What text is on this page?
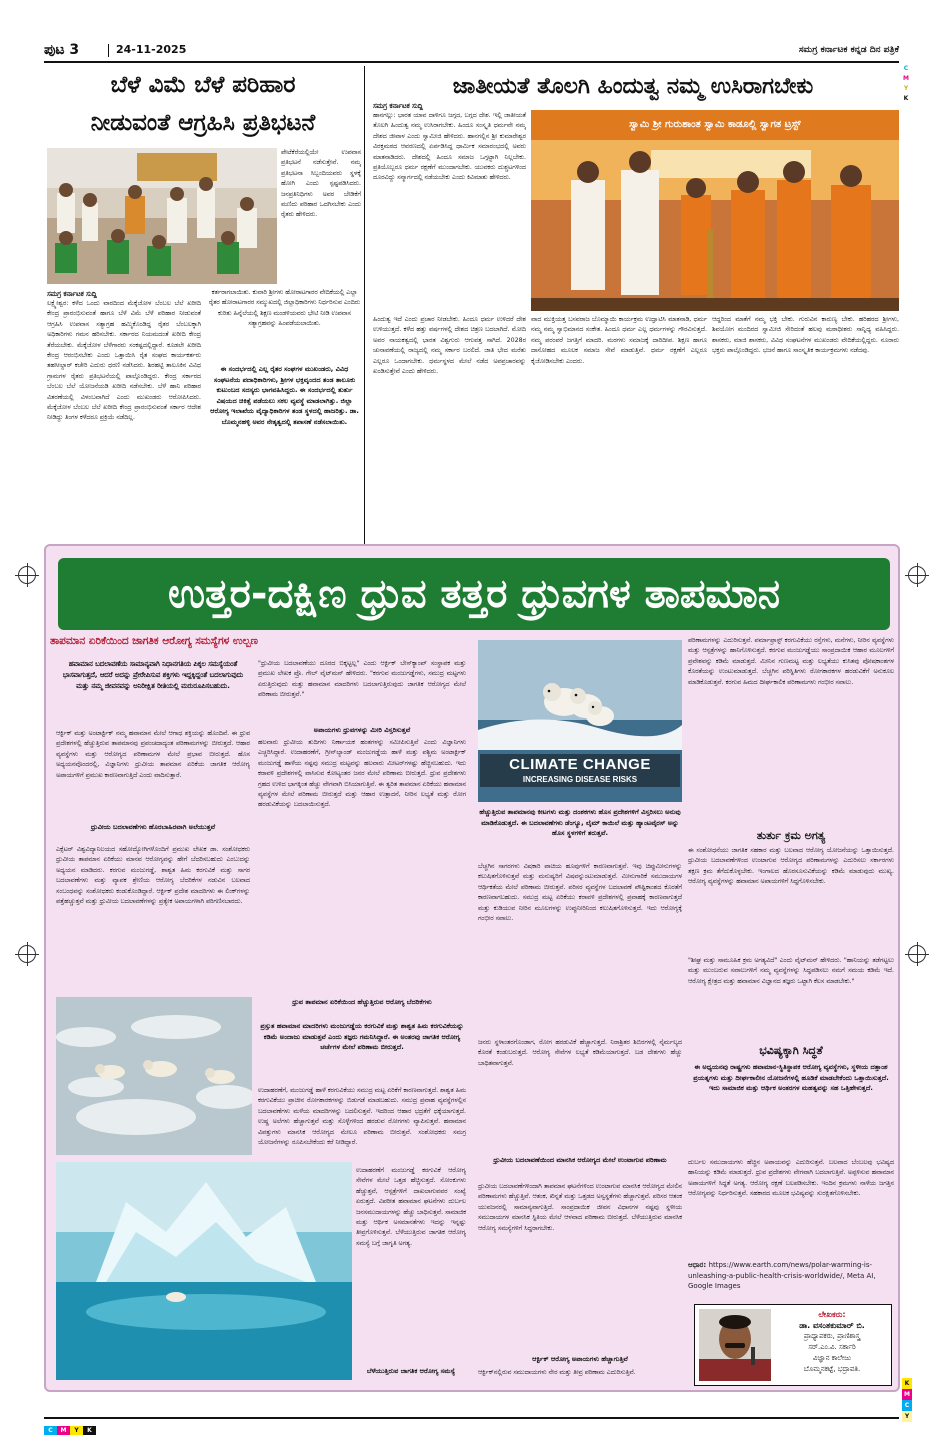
ಪುಟ 3	24-11-2025	ಸಮಗ್ರ ಕರ್ನಾಟಕ ಕನ್ನಡ ದಿನ ಪತ್ರಿಕೆ
C
M
Y
K
ಬೆಳೆ ವಿಮೆ ಬೆಳೆ ಪರಿಹಾರ
ನೀಡುವಂತೆ ಆಗ್ರಹಿಸಿ ಪ್ರತಿಭಟನೆ
ಪೇಟೆಕೆರೆಯಲ್ಲಿಯೇ ಉಪವಾಸ ಪ್ರತಿಭಟನೆ ನಡೆಸುತ್ತೇವೆ. ನಮ್ಮ ಪ್ರತಿಭಟನಾ ಸಿಬ್ಬಂದಿಯವರು ಸ್ಥಳಕ್ಕೆ ಹೋಗಿ ಎಂದು ಸ್ಪಷ್ಟಪಡಿಸಿದರು. ಜನಪ್ರತಿನಿಧಿಗಳು ಅವರ ಬೇಡಿಕೆಗೆ ಮಣಿದು ಪರಿಹಾರ ಒದಗಿಸಬೇಕು ಎಂದು ರೈತರು ಹೇಳಿದರು.
ಸಮಗ್ರ ಕರ್ನಾಟಕ ಸುದ್ದಿ
ಲಕ್ಷ್ಮೇಶ್ವರ: ಕಳೆದ ಒಂದು ವಾರದಿಂದ ಮೆಕ್ಕೆಜೋಳ ಬೆಂಬಲ ಬೆಲೆ ಖರೀದಿ ಕೇಂದ್ರ ಪ್ರಾರಂಭಿಸುವಂತೆ ಹಾಗೂ ಬೆಳೆ ವಿಮೆ ಬೆಳೆ ಪರಿಹಾರ ನೀಡುವಂತೆ ಆಗ್ರಹಿಸಿ ಉಪವಾಸ ಸತ್ಯಾಗ್ರಹ ಹಮ್ಮಿಕೊಂಡಿದ್ದ ರೈತರ ಬೆಂಬಲಕ್ಕಾಗಿ ಅಧಿಕಾರಿಗಳು ಗಮನ ಹರಿಸಬೇಕು. ಸರ್ಕಾರದ ನಿಯಮದಂತೆ ಖರೀದಿ ಕೇಂದ್ರ ತೆರೆಯಬೇಕು. ಮೆಕ್ಕೆಜೋಳ ಬೆಳೆಗಾರರು ಸಂಕಷ್ಟದಲ್ಲಿದ್ದಾರೆ. ಕೂಡಲೇ ಖರೀದಿ ಕೇಂದ್ರ ಆರಂಭಿಸಬೇಕು ಎಂದು ಒತ್ತಾಯಿಸಿ ರೈತ ಸಂಘದ ಕಾರ್ಯಕರ್ತರು ತಹಸೀಲ್ದಾರ್ ಕಚೇರಿ ಎದುರು ಧರಣಿ ನಡೆಸಿದರು. ಶಿರಹಟ್ಟಿ ತಾಲೂಕಿನ ವಿವಿಧ ಗ್ರಾಮಗಳ ರೈತರು ಪ್ರತಿಭಟನೆಯಲ್ಲಿ ಪಾಲ್ಗೊಂಡಿದ್ದರು. ಕೇಂದ್ರ ಸರ್ಕಾರದ ಬೆಂಬಲ ಬೆಲೆ ಯೋಜನೆಯಡಿ ಖರೀದಿ ನಡೆಸಬೇಕು. ಬೆಳೆ ಹಾನಿ ಪರಿಹಾರ ವಿತರಣೆಯಲ್ಲಿ ವಿಳಂಬವಾಗಿದೆ ಎಂದು ಮುಖಂಡರು ಆರೋಪಿಸಿದರು. ಮೆಕ್ಕೆಜೋಳ ಬೆಂಬಲ ಬೆಲೆ ಖರೀದಿ ಕೇಂದ್ರ ಪ್ರಾರಂಭಿಸುವಂತೆ ಸರ್ಕಾರ ಆದೇಶ ನೀಡಿದ್ದು ತಿಂಗಳ ಕಳೆದರೂ ಪ್ರಕ್ರಿಯೆ ನಡೆದಿಲ್ಲ.
ಕರ್ತರಾಗಲಾಯಿತು. ಕುವಾರಿ ಶ್ರೀಗಳು ಹೋರಾಟಗಾರರ ವೇದಿಕೆಯಲ್ಲಿ ಎಲ್ಲಾ ರೈತರ ಹೋರಾಟಗಾರರ ಸಮ್ಮುಖದಲ್ಲಿ ಜಿಲ್ಲಾಧಿಕಾರಿಗಳು ನಿರ್ಧರಿಸುವ ಎಂದಿರು ಕುರಿತು ಹಿನ್ನೆಲೆಯಲ್ಲಿ ಶಿಕ್ಷಣ ಮಂಡಳಿಯವರು ಭೇಟಿ ನೀಡಿ ಉಪವಾಸ ಸತ್ಯಾಗ್ರಹವನ್ನು ಹಿಂಪಡೆಯಲಾಯಿತು.
ಈ ಸಂದರ್ಭದಲ್ಲಿ ಎಲ್ಲ ರೈತರ ಸಂಘಗಳ ಮುಖಂಡರು, ವಿವಿಧ ಸಂಘಟನೆಯ ಪದಾಧಿಕಾರಿಗಳು, ಶ್ರೀಗಳ ಭಕ್ತವೃಂದದ ತಂಡ ತಾಲೂಕು ಕುಟುಂಬದ ಸದಸ್ಯರು ಭಾಗವಹಿಸಿದ್ದರು. ಈ ಸಂದರ್ಭದಲ್ಲಿ ತುರ್ತು ವಿಷಯದ ಚಿಕಿತ್ಸೆ ಪಡೆಯಲು ಸಕಲ ವ್ಯವಸ್ಥೆ ಮಾಡಲಾಗಿತ್ತು. ಜಿಲ್ಲಾ ಆರೋಗ್ಯ ಇಲಾಖೆಯ ವೈದ್ಯಾಧಿಕಾರಿಗಳ ತಂಡ ಸ್ಥಳದಲ್ಲಿ ಹಾಜರಿತ್ತು. ಡಾ. ಬೊಮ್ಮನಹಳ್ಳಿ ಅವರ ನೇತೃತ್ವದಲ್ಲಿ ತಪಾಸಣೆ ನಡೆಸಲಾಯಿತು.
ಜಾತೀಯತೆ ತೊಲಗಿ ಹಿಂದುತ್ವ ನಮ್ಮ ಉಸಿರಾಗಬೇಕು
ಸಮಗ್ರ ಕರ್ನಾಟಕ ಸುದ್ದಿ
ಹಾನಗಲ್ಲು: ಭಾರತ ಯಾವ ದಾಳಿಗೂ ಜಗ್ಗದ, ಬಗ್ಗದ ದೇಶ. ಇಲ್ಲಿ ಜಾತೀಯತೆ ತೊಲಗಿ ಹಿಂದುತ್ವ ನಮ್ಮ ಉಸಿರಾಗಬೇಕು. ಹಿಂದೂ ಸಂಸ್ಕೃತಿ ಧರ್ಮವೇ ನಮ್ಮ ದೇಶದ ಜೀವಾಳ ಎಂದು ಸ್ವಾಮೀಜಿ ಹೇಳಿದರು. ಹಾನಗಲ್ಲಿನ ಶ್ರೀ ಕುಮಾರೇಶ್ವರ ವಿರಕ್ತಮಠದ ಆವರಣದಲ್ಲಿ ಏರ್ಪಡಿಸಿದ್ದ ಧಾರ್ಮಿಕ ಸಮಾರಂಭದಲ್ಲಿ ಅವರು ಮಾತನಾಡಿದರು. ದೇಶದಲ್ಲಿ ಹಿಂದೂ ಸಮಾಜ ಒಗ್ಗಟ್ಟಾಗಿ ನಿಲ್ಲಬೇಕು. ಪ್ರತಿಯೊಬ್ಬರೂ ಧರ್ಮ ರಕ್ಷಣೆಗೆ ಮುಂದಾಗಬೇಕು. ಯುವಕರು ದುಶ್ಚಟಗಳಿಂದ ದೂರವಿದ್ದು ಸನ್ಮಾರ್ಗದಲ್ಲಿ ನಡೆಯಬೇಕು ಎಂದು ಕಿವಿಮಾತು ಹೇಳಿದರು.
ಸ್ವಾಮಿ ಶ್ರೀ ಗುರುಶಾಂತ ಸ್ವಾಮಿ ಕಾಡೂಲ್ಲಿ ಸ್ವಾಗತ ಟ್ರಸ್ಟ್
ಹಿಂದುತ್ವ ಇದೆ ಎಂದು ಪ್ರಚಾರ ನೀಡಬೇಕು. ಹಿಂದೂ ಧರ್ಮ ಉಳಿದರೆ ದೇಶ ಉಳಿಯುತ್ತದೆ. ಕಳೆದ ಹತ್ತು ವರ್ಷಗಳಲ್ಲಿ ದೇಶದ ಚಿತ್ರಣ ಬದಲಾಗಿದೆ. ಮೋದಿ ಅವರ ನಾಯಕತ್ವದಲ್ಲಿ ಭಾರತ ವಿಶ್ವಗುರು ಆಗುವತ್ತ ಸಾಗಿದೆ. 2028ರ ಚುನಾವಣೆಯಲ್ಲಿ ರಾಜ್ಯದಲ್ಲಿ ನಮ್ಮ ಸರ್ಕಾರ ಬರಲಿದೆ. ಜಾತಿ ಭೇದ ಮರೆತು ಎಲ್ಲರೂ ಒಂದಾಗಬೇಕು. ಧರ್ಮಸ್ಥಳದ ಮೇಲೆ ನಡೆದ ಅಪಪ್ರಚಾರವನ್ನು ಖಂಡಿಸುತ್ತೇವೆ ಎಂದು ಹೇಳಿದರು.
ವಾದ ಮುಕ್ತಿಯತ್ತ ಬಸವರಾಜ ಬೊಮ್ಮಾಯಿ ಕಾರ್ಯಕ್ರಮ ಉದ್ಘಾಟಿಸಿ ಮಾತನಾಡಿ, ಧರ್ಮ ನಮ್ಮ ನಮ್ಮ ಸ್ವಾಭಿಮಾನದ ಸಂಕೇತ. ಹಿಂದೂ ಧರ್ಮ ಎಲ್ಲ ಧರ್ಮಗಳನ್ನು ಗೌರವಿಸುತ್ತದೆ. ನಮ್ಮ ಪರಂಪರೆ ಜಗತ್ತಿಗೆ ಮಾದರಿ. ಮಠಗಳು ಸಮಾಜಕ್ಕೆ ದಾರಿದೀಪ. ಶಿಕ್ಷಣ ಹಾಗೂ ದಾಸೋಹದ ಮೂಲಕ ಸಮಾಜ ಸೇವೆ ಮಾಡುತ್ತಿವೆ. ಧರ್ಮ ರಕ್ಷಣೆಗೆ ಎಲ್ಲರೂ ಕೈಜೋಡಿಸಬೇಕು ಎಂದರು.
ಆದ್ದರಿಂದ ಮಾತೆಗೆ ನಮ್ಮ ಭಕ್ತಿ ಬೇಕು. ಗುರುವಿನ ಕಾರುಣ್ಯ ಬೇಕು. ಹರಿಹರದ ಶ್ರೀಗಳು, ಶಿವಯೋಗ ಮಂದಿರದ ಸ್ವಾಮೀಜಿ ಸೇರಿದಂತೆ ಹಲವು ಮಠಾಧೀಶರು ಸಾನ್ನಿಧ್ಯ ವಹಿಸಿದ್ದರು. ಶಾಸಕರು, ಮಾಜಿ ಶಾಸಕರು, ವಿವಿಧ ಸಂಘಟನೆಗಳ ಮುಖಂಡರು ವೇದಿಕೆಯಲ್ಲಿದ್ದರು. ನೂರಾರು ಭಕ್ತರು ಪಾಲ್ಗೊಂಡಿದ್ದರು. ಭಜನೆ ಹಾಗೂ ಸಾಂಸ್ಕೃತಿಕ ಕಾರ್ಯಕ್ರಮಗಳು ನಡೆದವು.
ಉತ್ತರ-ದಕ್ಷಿಣ ಧ್ರುವ ತತ್ತರ ಧ್ರುವಗಳ ತಾಪಮಾನ
ತಾಪಮಾನ ಏರಿಕೆಯಿಂದ ಜಾಗತಿಕ ಆರೋಗ್ಯ ಸಮಸ್ಯೆಗಳ ಉಲ್ಬಣ
ಹವಾಮಾನ ಬದಲಾವಣೆಯ ಸಾಮಾನ್ಯವಾಗಿ ನಿಧಾನಗತಿಯ ಪಿಕ್ಕಲ ಸಮಸ್ಯೆಯಂತೆ ಭಾಸವಾಗುತ್ತದೆ, ಆದರೆ ಅದನ್ನು ಪ್ರೇರೇಪಿಸುವ ಶಕ್ತಿಗಳು ಇದ್ದಕ್ಕಿದ್ದಂತೆ ಬದಲಾಗುವುದು ಮತ್ತು ನಮ್ಮ ಜೀವನವನ್ನು ಅನಿರೀಕ್ಷಿತ ರೀತಿಯಲ್ಲಿ ಮರುರೂಪಿಸಬಹುದು.
ಆರ್ಕ್ಟಿಕ್ ಮತ್ತು ಅಂಟಾರ್ಕ್ಟಿಕ್ ನಮ್ಮ ಹವಾಮಾನ ಮೇಲೆ ಆಗಾಧ ಶಕ್ತಿಯನ್ನು ಹೊಂದಿವೆ. ಈ ಧ್ರುವ ಪ್ರದೇಶಗಳಲ್ಲಿ ಹೆಚ್ಚುತ್ತಿರುವ ತಾಪಮಾನವು ಪ್ರಪಂಚದಾದ್ಯಂತ ಪರಿಣಾಮಗಳನ್ನು ಬೀರುತ್ತದೆ. ಆಹಾರ ವ್ಯವಸ್ಥೆಗಳು ಮತ್ತು ಆರೋಗ್ಯದ ಪರಿಣಾಮಗಳ ಮೇಲೆ ಪ್ರಭಾವ ಬೀರುತ್ತದೆ. ಹೊಸ ಅಧ್ಯಯನವೊಂದರಲ್ಲಿ, ವಿಜ್ಞಾನಿಗಳು ಧ್ರುವೀಯ ತಾಪಮಾನ ಏರಿಕೆಯ ಜಾಗತಿಕ ಆರೋಗ್ಯ ಅಪಾಯಗಳಿಗೆ ಪ್ರಮುಖ ಕಾರಣವಾಗುತ್ತಿದೆ ಎಂದು ವಾದಿಸುತ್ತಾರೆ.
ಧ್ರುವೀಯ ಬದಲಾವಣೆಗಳು ಹೊರಬಾಹಿರವಾಗಿ ಅಲೆಯುತ್ತವೆ
ಎಕ್ಸೆಟರ್ ವಿಶ್ವವಿದ್ಯಾನಿಲಯದ ಸಹೋದ್ಯೋಗಿಗಳೊಂದಿಗೆ ಪ್ರಮುಖ ಲೇಖಕ ಡಾ. ಸಂಶೋಧಕರು ಧ್ರುವೀಯ ತಾಪಮಾನ ಏರಿಕೆಯು ಮಾನವ ಆರೋಗ್ಯವನ್ನು ಹೇಗೆ ಬೆದರಿಸಬಹುದು ಎಂಬುದನ್ನು ಅಧ್ಯಯನ ಮಾಡಿದರು. ಕರಗುವ ಮಂಜುಗಡ್ಡೆ, ಶಾಶ್ವತ ಹಿಮ ಕರಗುವಿಕೆ ಮತ್ತು ಸಾಗರ ಬದಲಾವಣೆಗಳು ಮತ್ತು ವ್ಯಾಪಕ ಶ್ರೇಣಿಯ ಆರೋಗ್ಯ ಬೆದರಿಕೆಗಳ ನಡುವಿನ ಬಲವಾದ ಸಂಬಂಧವನ್ನು ಸಂಶೋಧಕರು ಕಂಡುಕೊಂಡಿದ್ದಾರೆ. ಆರ್ಕ್ಟಿಕ್ ಪ್ರದೇಶ ಮಾದರಿಗಳು ಈ ಲಿಂಕ್‌ಗಳನ್ನು ಪತ್ತೆಹಚ್ಚುತ್ತವೆ ಮತ್ತು ಧ್ರುವೀಯ ಬದಲಾವಣೆಗಳನ್ನು ಪ್ರತ್ಯೇಕ ಅಪಾಯಗಳಾಗಿ ಪರಿಗಣಿಸಬಾರದು.
"ಧ್ರುವೀಯ ಬದಲಾವಣೆಯು ದೂರದ ಬಿಕ್ಕಟ್ಟಲ್ಲ" ಎಂದು ಆರ್ಕ್ಟಿಕ್ ಬೇಸ್‌ಕ್ಯಾಂಪ್ ಸಂಸ್ಥಾಪಕ ಮತ್ತು ಪ್ರಮುಖ ಲೇಖಕ ಪ್ರೊ. ಗೇಲ್ ವೈಟ್‌ಮನ್ ಹೇಳಿದರು. "ಕರಗುವ ಮಂಜುಗಡ್ಡೆಗಳು, ಸಮುದ್ರ ಮಟ್ಟಗಳು ಏರುತ್ತಿರುವುದು ಮತ್ತು ಹವಾಮಾನ ಮಾದರಿಗಳು ಬದಲಾಗುತ್ತಿರುವುದು ಜಾಗತಿಕ ಆರೋಗ್ಯದ ಮೇಲೆ ಪರಿಣಾಮ ಬೀರುತ್ತವೆ."
ಅಪಾಯಗಳು ಧ್ರುವಗಳನ್ನು ಮೀರಿ ವಿಸ್ತರಿಸುತ್ತವೆ
ಹಲವಾರು ಧ್ರುವೀಯ ತುದಿಗಳು ನಿರ್ಣಾಯಕ ಹಂತಗಳನ್ನು ಸಮೀಪಿಸುತ್ತಿವೆ ಎಂದು ವಿಜ್ಞಾನಿಗಳು ಎಚ್ಚರಿಸಿದ್ದಾರೆ. ಉದಾಹರಣೆಗೆ, ಗ್ರೀನ್‌ಲ್ಯಾಂಡ್ ಮಂಜುಗಡ್ಡೆಯ ಹಾಳೆ ಮತ್ತು ಪಶ್ಚಿಮ ಅಂಟಾರ್ಕ್ಟಿಕ್ ಮಂಜುಗಡ್ಡೆ ಹಾಳೆಯ ನಷ್ಟವು ಸಮುದ್ರ ಮಟ್ಟವನ್ನು ಹಲವಾರು ಮೀಟರ್‌ಗಳಷ್ಟು ಹೆಚ್ಚಿಸಬಹುದು. ಇದು ಕರಾವಳಿ ಪ್ರದೇಶಗಳಲ್ಲಿ ವಾಸಿಸುವ ಕೋಟ್ಯಂತರ ಜನರ ಮೇಲೆ ಪರಿಣಾಮ ಬೀರುತ್ತದೆ. ಧ್ರುವ ಪ್ರದೇಶಗಳು ಗ್ರಹದ ಉಳಿದ ಭಾಗಕ್ಕಿಂತ ಹೆಚ್ಚು ವೇಗವಾಗಿ ಬಿಸಿಯಾಗುತ್ತಿವೆ. ಈ ತ್ವರಿತ ತಾಪಮಾನ ಏರಿಕೆಯು ಹವಾಮಾನ ವ್ಯವಸ್ಥೆಗಳ ಮೇಲೆ ಪರಿಣಾಮ ಬೀರುತ್ತದೆ ಮತ್ತು ಆಹಾರ ಉತ್ಪಾದನೆ, ನೀರಿನ ಲಭ್ಯತೆ ಮತ್ತು ರೋಗ ಹರಡುವಿಕೆಯನ್ನು ಬದಲಾಯಿಸುತ್ತದೆ.
ಧ್ರುವ ತಾಪಮಾನ ಏರಿಕೆಯಿಂದ ಹೆಚ್ಚುತ್ತಿರುವ ಆರೋಗ್ಯ ಬೆದರಿಕೆಗಳು
ಪ್ರಸ್ತುತ ಹವಾಮಾನ ಮಾದರಿಗಳು ಮಂಜುಗಡ್ಡೆಯ ಕರಗುವಿಕೆ ಮತ್ತು ಶಾಶ್ವತ ಹಿಮ ಕರಗುವಿಕೆಯನ್ನು ಕಡಿಮೆ ಅಂದಾಜು ಮಾಡುತ್ತವೆ ಎಂದು ತಜ್ಞರು ಗಮನಿಸಿದ್ದಾರೆ. ಈ ಅಂತರವು ಜಾಗತಿಕ ಆರೋಗ್ಯ ಚರ್ಚೆಗಳ ಮೇಲೆ ಪರಿಣಾಮ ಬೀರುತ್ತದೆ.
ಉದಾಹರಣೆಗೆ, ಮಂಜುಗಡ್ಡೆ ಹಾಳೆ ಕರಗುವಿಕೆಯು ಸಮುದ್ರ ಮಟ್ಟ ಏರಿಕೆಗೆ ಕಾರಣವಾಗುತ್ತದೆ. ಶಾಶ್ವತ ಹಿಮ ಕರಗುವಿಕೆಯು ಪ್ರಾಚೀನ ರೋಗಕಾರಕಗಳನ್ನು ಬಿಡುಗಡೆ ಮಾಡಬಹುದು. ಸಮುದ್ರ ಪ್ರವಾಹ ವ್ಯವಸ್ಥೆಗಳಲ್ಲಿನ ಬದಲಾವಣೆಗಳು ಮಳೆಯ ಮಾದರಿಗಳನ್ನು ಬದಲಿಸುತ್ತವೆ. ಇದರಿಂದ ಆಹಾರ ಭದ್ರತೆಗೆ ಧಕ್ಕೆಯಾಗುತ್ತದೆ. ಉಷ್ಣ ಅಲೆಗಳು ಹೆಚ್ಚಾಗುತ್ತವೆ ಮತ್ತು ಸೊಳ್ಳೆಗಳಿಂದ ಹರಡುವ ರೋಗಗಳು ವ್ಯಾಪಿಸುತ್ತವೆ. ಹವಾಮಾನ ವಿಪತ್ತುಗಳು ಮಾನಸಿಕ ಆರೋಗ್ಯದ ಮೇಲೂ ಪರಿಣಾಮ ಬೀರುತ್ತವೆ. ಸಂಶೋಧಕರು ಸಮಗ್ರ ಯೋಜನೆಗಳನ್ನು ರೂಪಿಸಬೇಕೆಂದು ಕರೆ ನೀಡಿದ್ದಾರೆ.
ಉದಾಹರಣೆಗೆ ಮಂಜುಗಡ್ಡೆ ಕರಗುವಿಕೆ ಆರೋಗ್ಯ ಸೇವೆಗಳ ಮೇಲೆ ಒತ್ತಡ ಹೆಚ್ಚಿಸುತ್ತದೆ. ಸೋಂಕುಗಳು ಹೆಚ್ಚುತ್ತವೆ, ಆಸ್ಪತ್ರೆಗಳಿಗೆ ದಾಖಲಾಗುವವರ ಸಂಖ್ಯೆ ಏರುತ್ತದೆ. ವಿಪರೀತ ಹವಾಮಾನ ಘಟನೆಗಳು ದುರ್ಬಲ ಜನಸಮುದಾಯಗಳನ್ನು ಹೆಚ್ಚು ಬಾಧಿಸುತ್ತವೆ. ಸಾಮಾಜಿಕ ಮತ್ತು ಆರ್ಥಿಕ ಅಸಮಾನತೆಗಳು ಇದನ್ನು ಇನ್ನಷ್ಟು ತೀವ್ರಗೊಳಿಸುತ್ತವೆ. ಬೆಳೆಯುತ್ತಿರುವ ಜಾಗತಿಕ ಆರೋಗ್ಯ ಸಮಸ್ಯೆ ಬಗ್ಗೆ ಜಾಗೃತಿ ಅಗತ್ಯ.
ಬೆಳೆಯುತ್ತಿರುವ ಜಾಗತಿಕ ಆರೋಗ್ಯ ಸಮಸ್ಯೆ
CLIMATE CHANGE
INCREASING DISEASE RISKS
ಹೆಚ್ಚುತ್ತಿರುವ ತಾಪಮಾನವು ಕೀಟಗಳು ಮತ್ತು ದಂಶಕಗಳು ಹೊಸ ಪ್ರದೇಶಗಳಿಗೆ ವಿಸ್ತರಿಸಲು ಅನುವು ಮಾಡಿಕೊಡುತ್ತದೆ. ಈ ಬದಲಾವಣೆಗಳು ಡೆಂಗ್ಯೂ, ಲೈಮ್ ಕಾಯಿಲೆ ಮತ್ತು ಹ್ಯಾಂಟವೈರಸ್ ಅನ್ನು ಹೊಸ ಸ್ಥಳಗಳಿಗೆ ತರುತ್ತವೆ.
ಬೆಚ್ಚಗಿನ ಸಾಗರಗಳು ವಿಷಕಾರಿ ಪಾಚಿಯ ಹೂವುಗಳಿಗೆ ಕಾರಣವಾಗುತ್ತವೆ. ಇವು ಚಿಪ್ಪುಮೀನುಗಳನ್ನು ಕಲುಷಿತಗೊಳಿಸುತ್ತವೆ ಮತ್ತು ಮನುಷ್ಯರಿಗೆ ವಿಷವನ್ನುಂಟುಮಾಡುತ್ತವೆ. ಮೀನುಗಾರಿಕೆ ಸಮುದಾಯಗಳ ಆರ್ಥಿಕತೆಯ ಮೇಲೆ ಪರಿಣಾಮ ಬೀರುತ್ತವೆ. ಪರಿಸರ ವ್ಯವಸ್ಥೆಗಳ ಬದಲಾವಣೆ ಪೌಷ್ಟಿಕಾಂಶದ ಕೊರತೆಗೆ ಕಾರಣವಾಗಬಹುದು. ಸಮುದ್ರ ಮಟ್ಟ ಏರಿಕೆಯು ಕರಾವಳಿ ಪ್ರದೇಶಗಳಲ್ಲಿ ಪ್ರವಾಹಕ್ಕೆ ಕಾರಣವಾಗುತ್ತದೆ ಮತ್ತು ಕುಡಿಯುವ ನೀರಿನ ಮೂಲಗಳನ್ನು ಉಪ್ಪುನೀರಿನಿಂದ ಕಲುಷಿತಗೊಳಿಸುತ್ತದೆ. ಇದು ಆರೋಗ್ಯಕ್ಕೆ ಗಂಭೀರ ಸವಾಲು.
ಜನರು ಸ್ಥಳಾಂತರಗೊಂಡಾಗ, ರೋಗ ಹರಡುವಿಕೆ ಹೆಚ್ಚಾಗುತ್ತದೆ. ನಿರಾಶ್ರಿತರ ಶಿಬಿರಗಳಲ್ಲಿ ನೈರ್ಮಲ್ಯದ ಕೊರತೆ ಕಂಡುಬರುತ್ತದೆ. ಆರೋಗ್ಯ ಸೇವೆಗಳ ಲಭ್ಯತೆ ಕಡಿಮೆಯಾಗುತ್ತದೆ. ಬಡ ದೇಶಗಳು ಹೆಚ್ಚು ಬಾಧಿತವಾಗುತ್ತವೆ.
ಧ್ರುವೀಯ ಬದಲಾವಣೆಯಿಂದ ಮಾನಸಿಕ ಆರೋಗ್ಯದ ಮೇಲೆ ಉಂಟಾಗುವ ಪರಿಣಾಮ
ಧ್ರುವೀಯ ಬದಲಾವಣೆಗಳಿಂದಾಗಿ ತಾಪಮಾನ ಘಟನೆಗಳಿಂದ ಉಂಟಾಗುವ ಮಾನಸಿಕ ಆರೋಗ್ಯದ ಮೇಲಿನ ಪರಿಣಾಮಗಳು ಹೆಚ್ಚುತ್ತಿವೆ. ಆತಂಕ, ಖಿನ್ನತೆ ಮತ್ತು ಒತ್ತಡದ ಅಸ್ವಸ್ಥತೆಗಳು ಹೆಚ್ಚಾಗುತ್ತವೆ. ಪರಿಸರ ಆತಂಕ ಯುವಜನರಲ್ಲಿ ಸಾಮಾನ್ಯವಾಗುತ್ತಿದೆ. ಸಾಂಪ್ರದಾಯಿಕ ಜೀವನ ವಿಧಾನಗಳ ನಷ್ಟವು ಸ್ಥಳೀಯ ಸಮುದಾಯಗಳ ಮಾನಸಿಕ ಸ್ಥಿತಿಯ ಮೇಲೆ ಆಳವಾದ ಪರಿಣಾಮ ಬೀರುತ್ತದೆ. ಬೆಳೆಯುತ್ತಿರುವ ಮಾನಸಿಕ ಆರೋಗ್ಯ ಸಮಸ್ಯೆಗಳಿಗೆ ಸಿದ್ಧರಾಗಬೇಕು.
ಆರ್ಕ್ಟಿಕ್ ಆರೋಗ್ಯ ಅಪಾಯಗಳು ಹೆಚ್ಚಾಗುತ್ತಿವೆ
ಆರ್ಕ್ಟಿಕ್‌ನಲ್ಲಿರುವ ಸಮುದಾಯಗಳು ನೇರ ಮತ್ತು ತೀವ್ರ ಪರಿಣಾಮ ಎದುರಿಸುತ್ತಿವೆ.
ಪರಿಣಾಮಗಳನ್ನು ಎದುರಿಸುತ್ತವೆ. ಪರ್ಮಾಫ್ರಾಸ್ಟ್ ಕರಗುವಿಕೆಯು ರಸ್ತೆಗಳು, ಮನೆಗಳು, ನೀರಿನ ವ್ಯವಸ್ಥೆಗಳು ಮತ್ತು ಆಸ್ಪತ್ರೆಗಳನ್ನು ಹಾನಿಗೊಳಿಸುತ್ತದೆ. ಕರಗುವ ಮಂಜುಗಡ್ಡೆಯು ಸಾಂಪ್ರದಾಯಿಕ ಆಹಾರ ಮೂಲಗಳಿಗೆ ಪ್ರವೇಶವನ್ನು ಕಡಿಮೆ ಮಾಡುತ್ತದೆ. ಮೀನಿನ ಗುಣಮಟ್ಟ ಮತ್ತು ಲಭ್ಯತೆಯು ಕುಸಿತವು ಪೋಷಕಾಂಶಗಳ ಕೊರತೆಯನ್ನು ಉಂಟುಮಾಡುತ್ತದೆ. ಬೆಚ್ಚಗಿನ ಪರಿಸ್ಥಿತಿಗಳು ರೋಗಕಾರಕಗಳ ಹರಡುವಿಕೆಗೆ ಅನುಕೂಲ ಮಾಡಿಕೊಡುತ್ತವೆ. ಕರಗುವ ಹಿಮದ ದೀರ್ಘಕಾಲಿಕ ಪರಿಣಾಮಗಳು ಗಂಭೀರ ಸವಾಲು.
ತುರ್ತು ಕ್ರಮ ಅಗತ್ಯ
ಈ ಸಂಶೋಧನೆಯು ಜಾಗತಿಕ ಸಹಕಾರ ಮತ್ತು ಬಲವಾದ ಆರೋಗ್ಯ ಯೋಜನೆಯನ್ನು ಒತ್ತಾಯಿಸುತ್ತದೆ. ಧ್ರುವೀಯ ಬದಲಾವಣೆಗಳಿಂದ ಉಂಟಾಗುವ ಆರೋಗ್ಯದ ಪರಿಣಾಮಗಳನ್ನು ಎದುರಿಸಲು ಸರ್ಕಾರಗಳು ತಕ್ಷಣ ಕ್ರಮ ತೆಗೆದುಕೊಳ್ಳಬೇಕು. ಇಂಗಾಲದ ಹೊರಸೂಸುವಿಕೆಯನ್ನು ಕಡಿಮೆ ಮಾಡುವುದು ಮುಖ್ಯ. ಆರೋಗ್ಯ ವ್ಯವಸ್ಥೆಗಳನ್ನು ಹವಾಮಾನ ಅಪಾಯಗಳಿಗೆ ಸಿದ್ಧಗೊಳಿಸಬೇಕು.
"ಶೀಘ್ರ ಮತ್ತು ಸಾಮೂಹಿಕ ಕ್ರಮ ಅಗತ್ಯವಿದೆ" ಎಂದು ವೈಟ್‌ಮನ್ ಹೇಳಿದರು. "ಹಾನಿಯನ್ನು ತಡೆಗಟ್ಟಲು ಮತ್ತು ಮುಂಬರುವ ಸವಾಲುಗಳಿಗೆ ನಮ್ಮ ವ್ಯವಸ್ಥೆಗಳನ್ನು ಸಿದ್ಧಪಡಿಸಲು ನಮಗೆ ಸಮಯ ಕಡಿಮೆ ಇದೆ. ಆರೋಗ್ಯ ಕ್ಷೇತ್ರದ ಮತ್ತು ಹವಾಮಾನ ವಿಜ್ಞಾನದ ತಜ್ಞರು ಒಟ್ಟಾಗಿ ಕೆಲಸ ಮಾಡಬೇಕು."
ಭವಿಷ್ಯಕ್ಕಾಗಿ ಸಿದ್ಧತೆ
ಈ ಅಧ್ಯಯನವು ರಾಷ್ಟ್ರಗಳು ಹವಾಮಾನ-ಸ್ಥಿತಿಸ್ಥಾಪಕ ಆರೋಗ್ಯ ವ್ಯವಸ್ಥೆಗಳು, ಸ್ಥಳೀಯ ದತ್ತಾಂಶ ಪ್ರಯತ್ನಗಳು ಮತ್ತು ದೀರ್ಘಕಾಲೀನ ಯೋಜನೆಗಳಲ್ಲಿ ಹೂಡಿಕೆ ಮಾಡಬೇಕೆಂದು ಒತ್ತಾಯಿಸುತ್ತದೆ. ಇದು ಸಾಮಾಜಿಕ ಮತ್ತು ಆರ್ಥಿಕ ಅಂತರಗಳ ಮಹತ್ವವನ್ನು ಸಹ ಒತ್ತಿಹೇಳುತ್ತದೆ.
ದುರ್ಬಲ ಸಮುದಾಯಗಳು ಹೆಚ್ಚಿನ ಅಪಾಯವನ್ನು ಎದುರಿಸುತ್ತವೆ. ಬಲವಾದ ಬೆಂಬಲವು ಭವಿಷ್ಯದ ಹಾನಿಯನ್ನು ಕಡಿಮೆ ಮಾಡುತ್ತದೆ. ಧ್ರುವ ಪ್ರದೇಶಗಳು ವೇಗವಾಗಿ ಬದಲಾಗುತ್ತಿವೆ. ಅಪ್ಪಳಿಸುವ ಹವಾಮಾನ ಅಪಾಯಗಳಿಗೆ ಸಿದ್ಧತೆ ಅಗತ್ಯ. ಆರೋಗ್ಯ ರಕ್ಷಣೆ ಬಲಪಡಿಸಬೇಕು. ಇಂದಿನ ಕ್ರಮಗಳು ನಾಳೆಯ ಜಗತ್ತಿನ ಆರೋಗ್ಯವನ್ನು ನಿರ್ಧರಿಸುತ್ತವೆ. ಸಹಕಾರದ ಮೂಲಕ ಭವಿಷ್ಯವನ್ನು ಸುರಕ್ಷಿತಗೊಳಿಸಬೇಕು.
ಆಧಾರ: https://www.earth.com/news/polar-warming-is-unleashing-a-public-health-crisis-worldwide/, Meta AI, Google Images
ಲೇಖಕರು:
ಡಾ. ವಸಂತಕುಮಾರ್ ಬಿ.
ಪ್ರಾಧ್ಯಾಪಕರು, ಪ್ರಾಣಿಶಾಸ್ತ್ರ
ಸರ್.ಎಂ.ವಿ. ಸರ್ಕಾರಿ
ವಿಜ್ಞಾನ ಕಾಲೇಜು
ಬೊಮ್ಮನಕಟ್ಟೆ, ಭದ್ರಾವತಿ.
C	M	Y	K
K
M
C
Y
